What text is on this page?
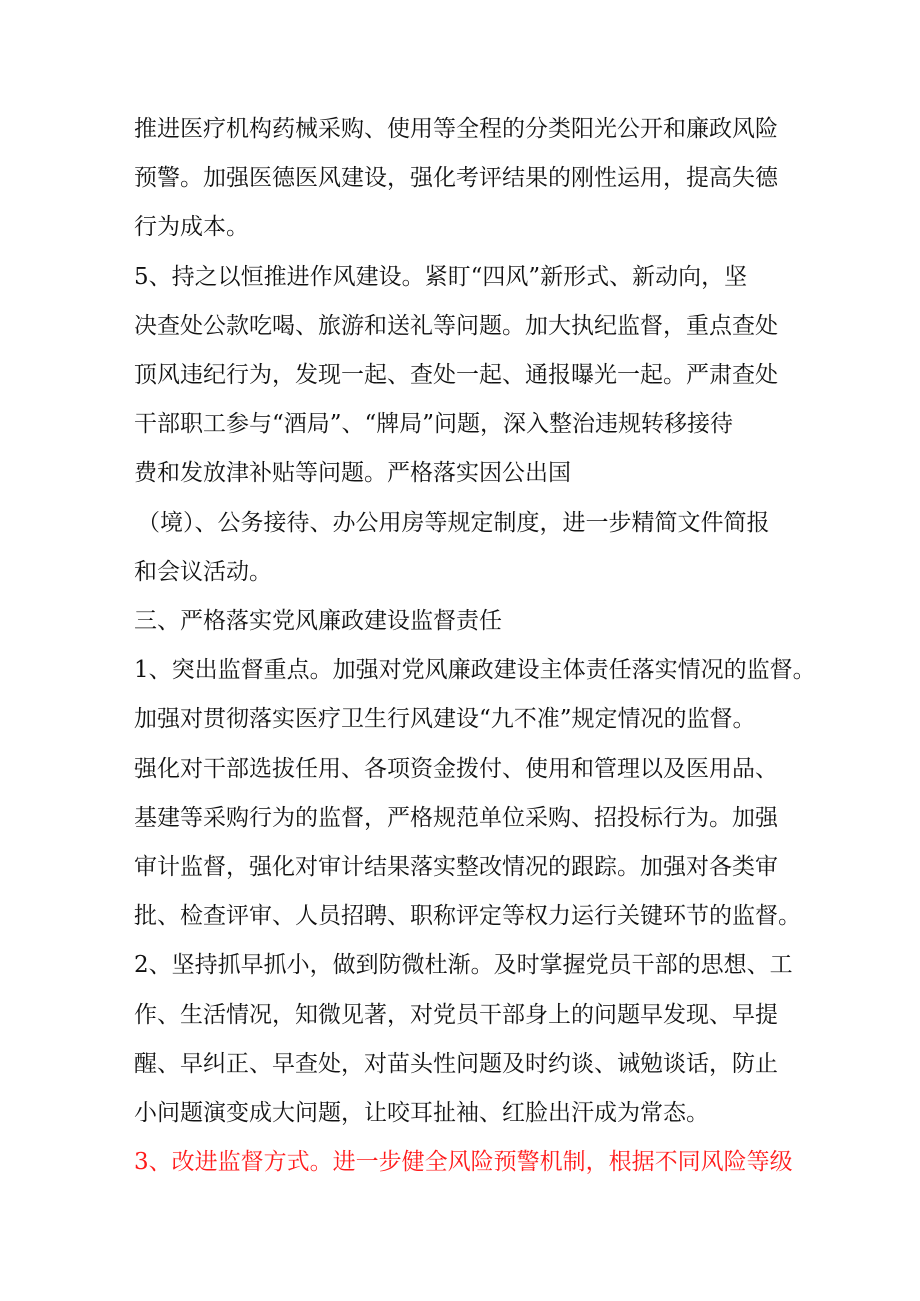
推进医疗机构药械采购、使用等全程的分类阳光公开和廉政风险
预警。加强医德医风建设，强化考评结果的刚性运用，提高失德
行为成本。
5、持之以恒推进作风建设。紧盯“四风”新形式、新动向，坚
决查处公款吃喝、旅游和送礼等问题。加大执纪监督，重点查处
顶风违纪行为，发现一起、查处一起、通报曝光一起。严肃查处
干部职工参与“酒局”、“牌局”问题，深入整治违规转移接待
费和发放津补贴等问题。严格落实因公出国
（境）、公务接待、办公用房等规定制度，进一步精简文件简报
和会议活动。
三、严格落实党风廉政建设监督责任
1、突出监督重点。加强对党风廉政建设主体责任落实情况的监督。
加强对贯彻落实医疗卫生行风建设“九不准”规定情况的监督。
强化对干部选拔任用、各项资金拨付、使用和管理以及医用品、
基建等采购行为的监督，严格规范单位采购、招投标行为。加强
审计监督，强化对审计结果落实整改情况的跟踪。加强对各类审
批、检查评审、人员招聘、职称评定等权力运行关键环节的监督。
2、坚持抓早抓小，做到防微杜渐。及时掌握党员干部的思想、工
作、生活情况，知微见著，对党员干部身上的问题早发现、早提
醒、早纠正、早查处，对苗头性问题及时约谈、诫勉谈话，防止
小问题演变成大问题，让咬耳扯袖、红脸出汗成为常态。
3、改进监督方式。进一步健全风险预警机制，根据不同风险等级
